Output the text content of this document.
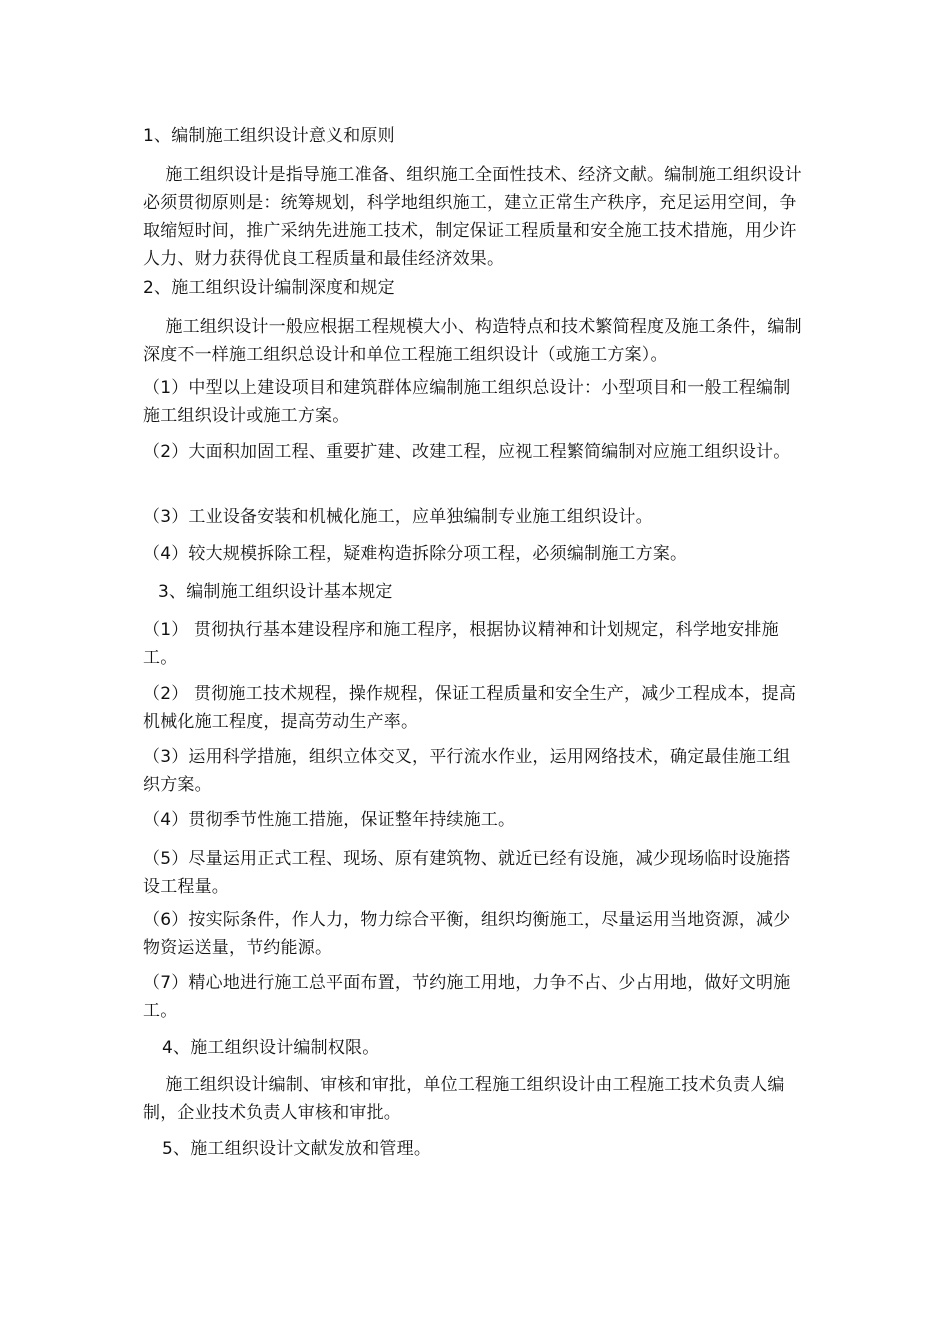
1、编制施工组织设计意义和原则

施工组织设计是指导施工准备、组织施工全面性技术、经济文献。编制施工组织设计必须贯彻原则是：统筹规划，科学地组织施工，建立正常生产秩序，充足运用空间，争取缩短时间，推广采纳先进施工技术，制定保证工程质量和安全施工技术措施，用少许人力、财力获得优良工程质量和最佳经济效果。

2、施工组织设计编制深度和规定

施工组织设计一般应根据工程规模大小、构造特点和技术繁简程度及施工条件，编制深度不一样施工组织总设计和单位工程施工组织设计（或施工方案）。

（1）中型以上建设项目和建筑群体应编制施工组织总设计：小型项目和一般工程编制施工组织设计或施工方案。

（2）大面积加固工程、重要扩建、改建工程，应视工程繁简编制对应施工组织设计。

（3）工业设备安装和机械化施工，应单独编制专业施工组织设计。

（4）较大规模拆除工程，疑难构造拆除分项工程，必须编制施工方案。

3、编制施工组织设计基本规定

（1） 贯彻执行基本建设程序和施工程序，根据协议精神和计划规定，科学地安排施工。

（2） 贯彻施工技术规程，操作规程，保证工程质量和安全生产，减少工程成本，提高机械化施工程度，提高劳动生产率。

（3）运用科学措施，组织立体交叉，平行流水作业，运用网络技术，确定最佳施工组织方案。

（4）贯彻季节性施工措施，保证整年持续施工。

（5）尽量运用正式工程、现场、原有建筑物、就近已经有设施，减少现场临时设施搭设工程量。

（6）按实际条件，作人力，物力综合平衡，组织均衡施工，尽量运用当地资源，减少物资运送量，节约能源。

（7）精心地进行施工总平面布置，节约施工用地，力争不占、少占用地，做好文明施工。

4、施工组织设计编制权限。

施工组织设计编制、审核和审批，单位工程施工组织设计由工程施工技术负责人编制，企业技术负责人审核和审批。

5、施工组织设计文献发放和管理。
